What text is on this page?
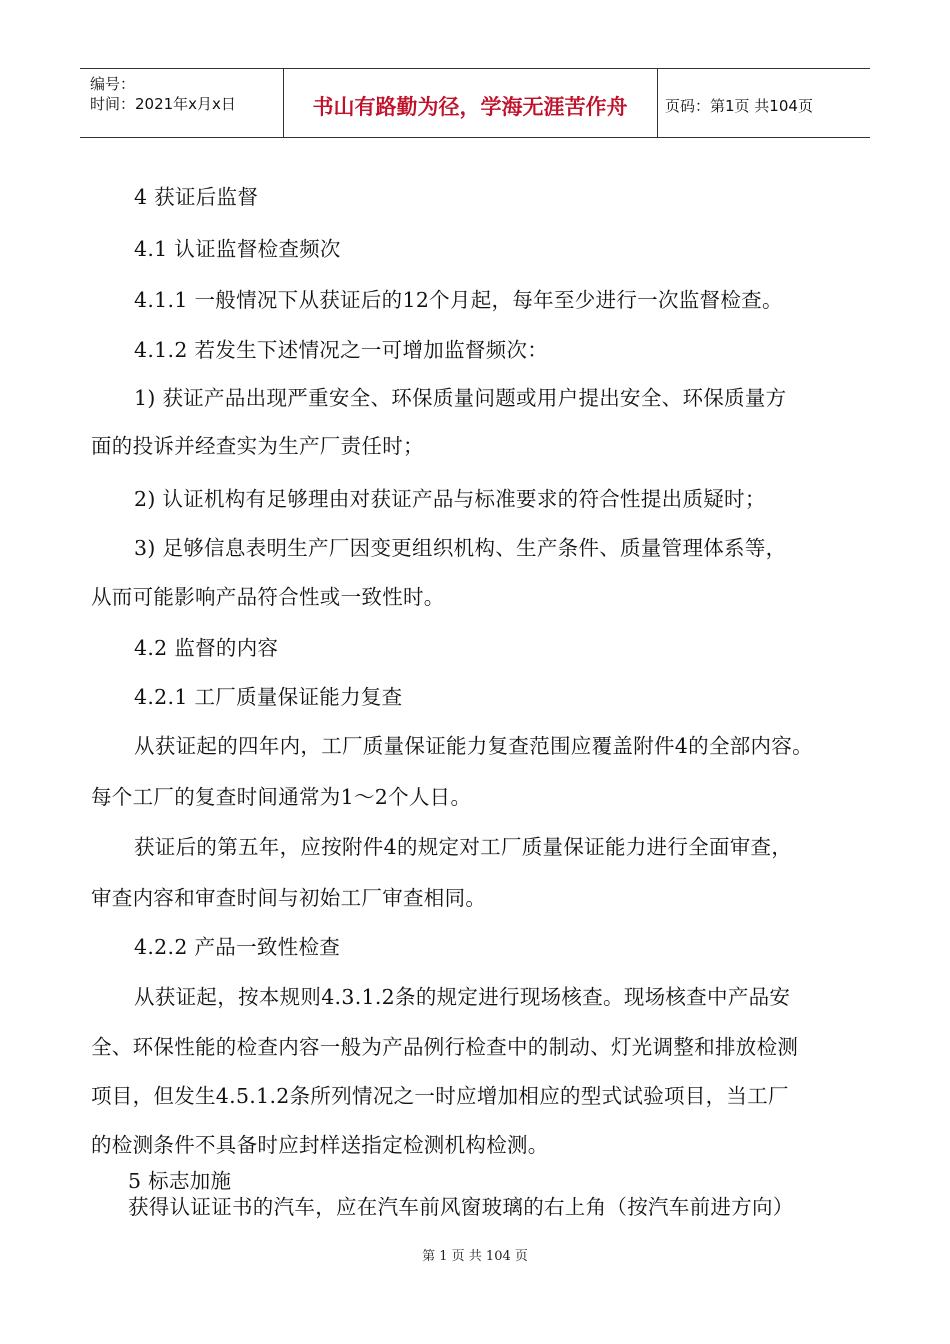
编号：
时间：2021年x月x日	书山有路勤为径，学海无涯苦作舟	页码：第1页 共104页
4 获证后监督
4.1 认证监督检查频次
4.1.1 一般情况下从获证后的12个月起，每年至少进行一次监督检查。
4.1.2 若发生下述情况之一可增加监督频次：
1) 获证产品出现严重安全、环保质量问题或用户提出安全、环保质量方
面的投诉并经查实为生产厂责任时；
2) 认证机构有足够理由对获证产品与标准要求的符合性提出质疑时；
3) 足够信息表明生产厂因变更组织机构、生产条件、质量管理体系等，
从而可能影响产品符合性或一致性时。
4.2 监督的内容
4.2.1 工厂质量保证能力复查
从获证起的四年内，工厂质量保证能力复查范围应覆盖附件4的全部内容。
每个工厂的复查时间通常为1～2个人日。
获证后的第五年，应按附件4的规定对工厂质量保证能力进行全面审查，
审查内容和审查时间与初始工厂审查相同。
4.2.2 产品一致性检查
从获证起，按本规则4.3.1.2条的规定进行现场核查。现场核查中产品安
全、环保性能的检查内容一般为产品例行检查中的制动、灯光调整和排放检测
项目，但发生4.5.1.2条所列情况之一时应增加相应的型式试验项目，当工厂
的检测条件不具备时应封样送指定检测机构检测。
5 标志加施
获得认证证书的汽车，应在汽车前风窗玻璃的右上角（按汽车前进方向）
第 1 页 共 104 页
